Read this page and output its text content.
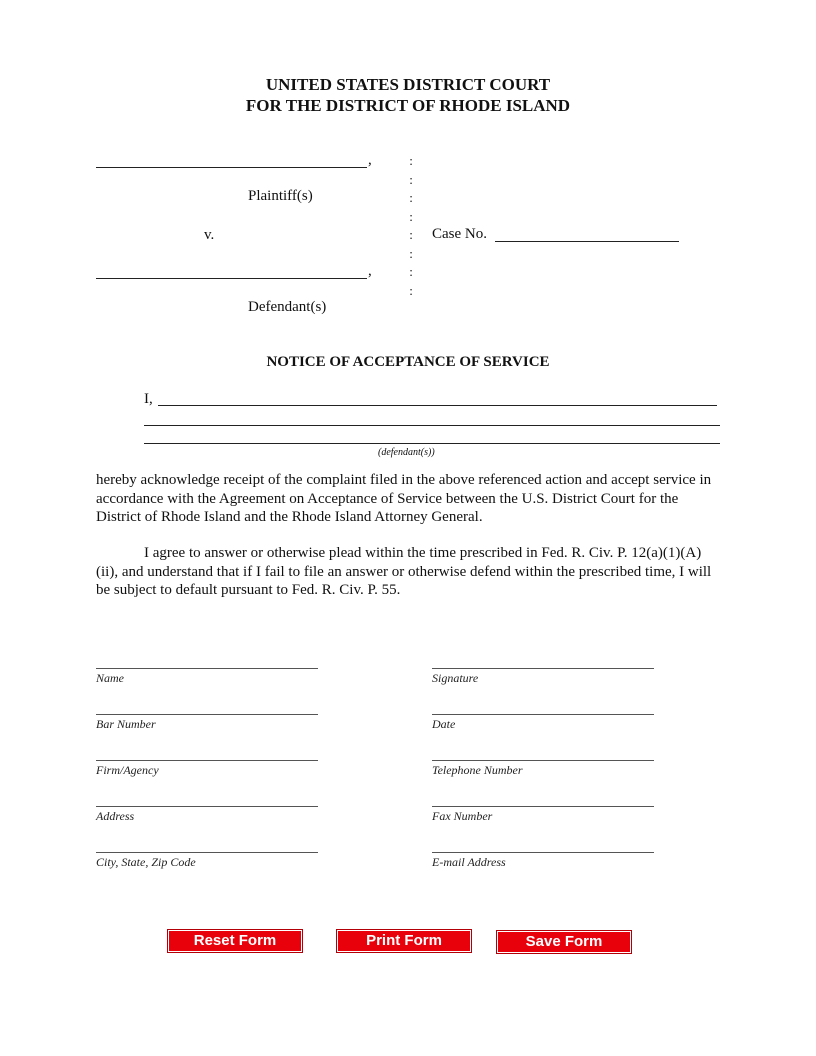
UNITED STATES DISTRICT COURT
FOR THE DISTRICT OF RHODE ISLAND
,
Plaintiff(s)
v.
,
Defendant(s)
:
:
:
:
:
:
:
:
Case No.
NOTICE OF ACCEPTANCE OF SERVICE
I,
(defendant(s))
hereby acknowledge receipt of the complaint filed in the above referenced action and accept service in accordance with the Agreement on Acceptance of Service between the U.S. District Court for the District of Rhode Island and the Rhode Island Attorney General.
I agree to answer or otherwise plead within the time prescribed in Fed. R. Civ. P. 12(a)(1)(A)(ii), and understand that if I fail to file an answer or otherwise defend within the prescribed time, I will be subject to default pursuant to Fed. R. Civ. P. 55.
Name
Bar Number
Firm/Agency
Address
City, State, Zip Code
Signature
Date
Telephone Number
Fax Number
E-mail Address
Reset Form	Print Form	Save Form
